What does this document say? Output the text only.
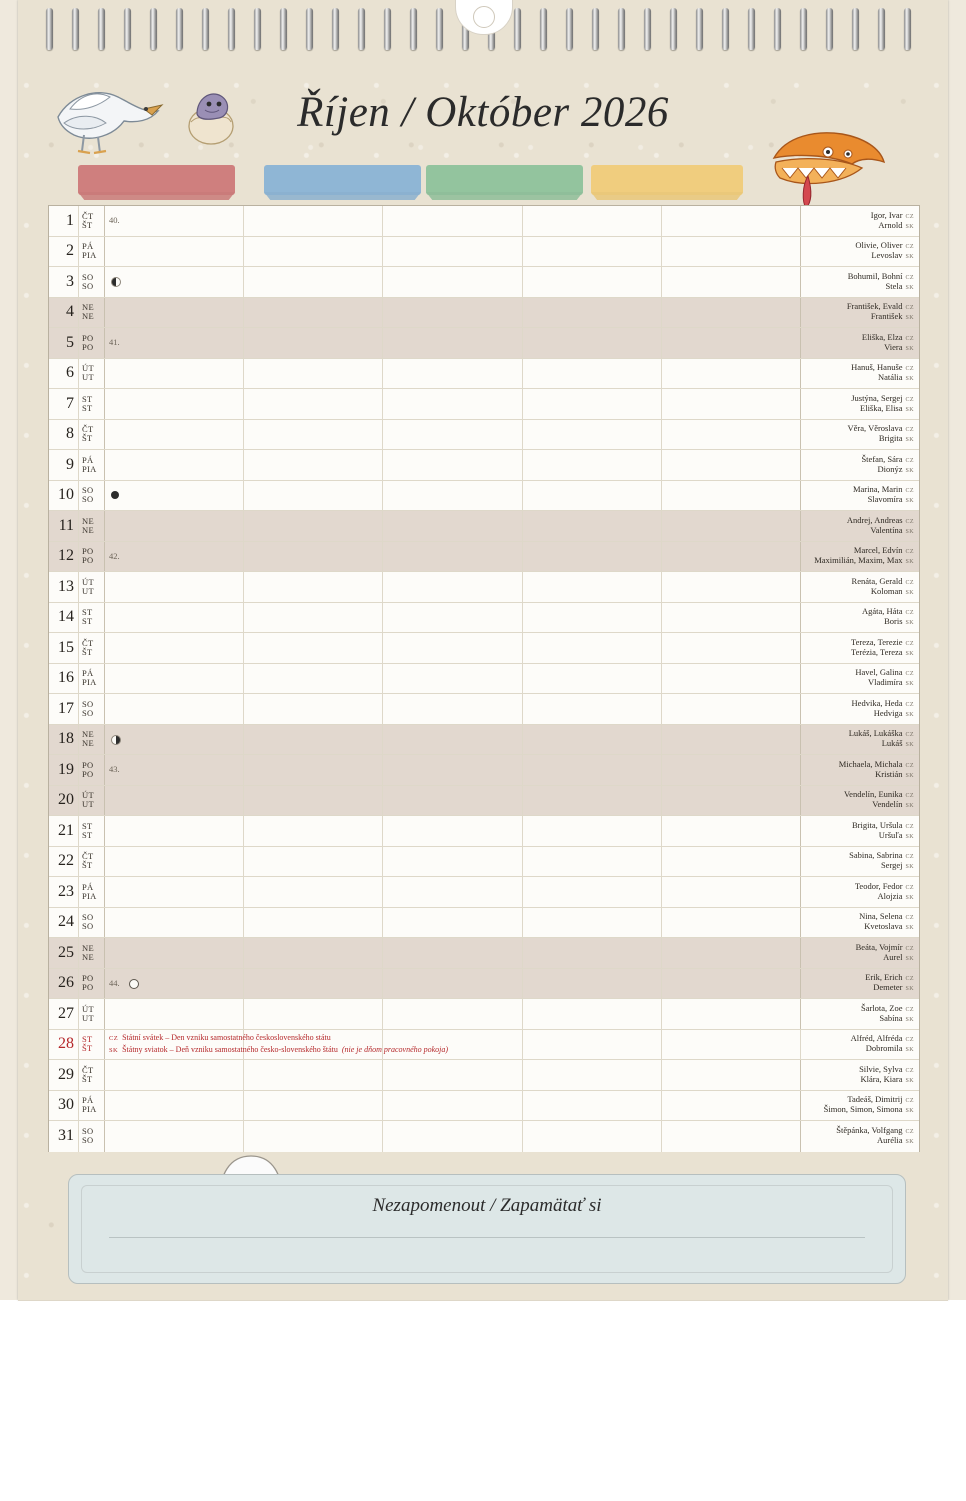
Říjen / Október 2026
1 ČT
ŠT 40.
Igor, Ivar CZ
Arnold SK
2 PÁ
PIA
Olivie, Oliver CZ
Levoslav SK
3 SO
SO
Bohumil, Bohní CZ
Stela SK
4 NE
NE
František, Evald CZ
František SK
5 PO
PO 41.
Eliška, Elza CZ
Viera SK
6 ÚT
UT
Hanuš, Hanuše CZ
Natália SK
7 ST
ST
Justýna, Sergej CZ
Eliška, Elisa SK
8 ČT
ŠT
Věra, Věroslava CZ
Brigita SK
9 PÁ
PIA
Štefan, Sára CZ
Dionýz SK
10 SO
SO
Marina, Marin CZ
Slavomíra SK
11 NE
NE
Andrej, Andreas CZ
Valentína SK
12 PO
PO 42.
Marcel, Edvín CZ
Maximilián, Maxim, Max SK
13 ÚT
UT
Renáta, Gerald CZ
Koloman SK
14 ST
ST
Agáta, Háta CZ
Boris SK
15 ČT
ŠT
Tereza, Terezie CZ
Terézia, Tereza SK
16 PÁ
PIA
Havel, Galina CZ
Vladimíra SK
17 SO
SO
Hedvika, Heda CZ
Hedviga SK
18 NE
NE
Lukáš, Lukáška CZ
Lukáš SK
19 PO
PO 43.
Michaela, Michala CZ
Kristián SK
20 ÚT
UT
Vendelín, Eunika CZ
Vendelín SK
21 ST
ST
Brigita, Uršula CZ
Uršuľa SK
22 ČT
ŠT
Sabina, Sabrina CZ
Sergej SK
23 PÁ
PIA
Teodor, Fedor CZ
Alojzia SK
24 SO
SO
Nina, Selena CZ
Kvetoslava SK
25 NE
NE
Beáta, Vojmír CZ
Aurel SK
26 PO
PO 44.
Erik, Erich CZ
Demeter SK
27 ÚT
UT
Šarlota, Zoe CZ
Sabína SK
28 ST
ŠT
CZ Státní svátek – Den vzniku samostatného československého státu
SK Štátny sviatok – Deň vzniku samostatného česko-slovenského štátu (nie je dňom pracovného pokoja)
Alfréd, Alfréda CZ
Dobromila SK
29 ČT
ŠT
Silvie, Sylva CZ
Klára, Kiara SK
30 PÁ
PIA
Tadeáš, Dimitrij CZ
Šimon, Simon, Simona SK
31 SO
SO
Štěpánka, Volfgang CZ
Aurélia SK
Nezapomenout / Zapamätať si
